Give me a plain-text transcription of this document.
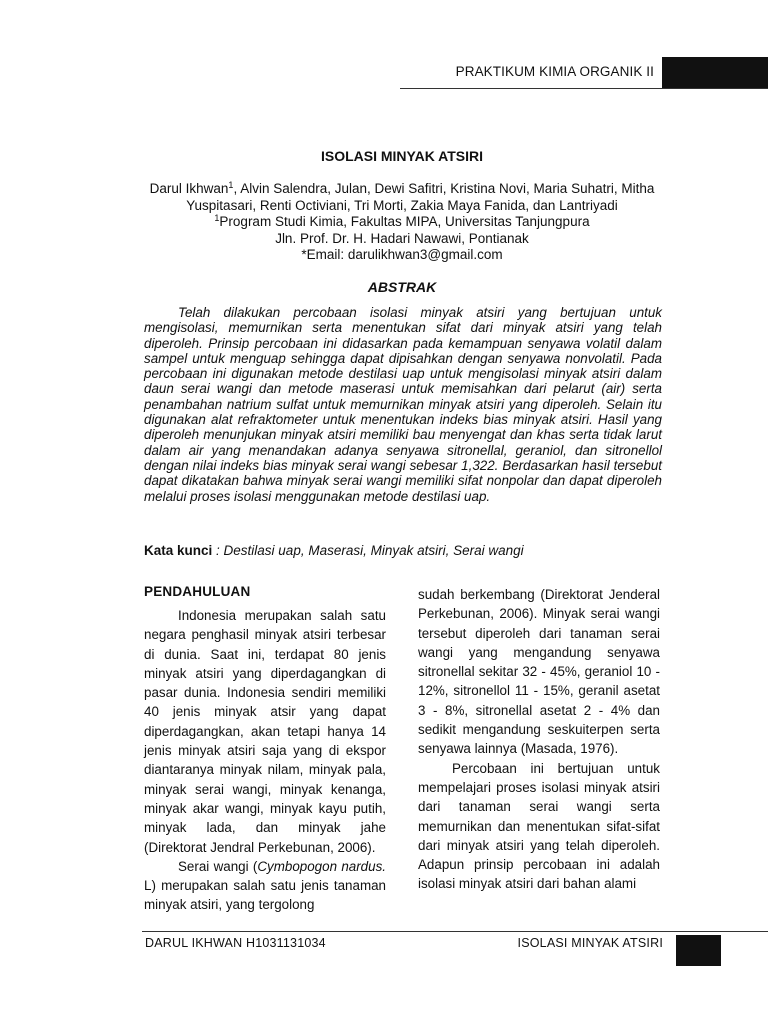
PRAKTIKUM KIMIA ORGANIK II
ISOLASI MINYAK ATSIRI
Darul Ikhwan$^1$, Alvin Salendra, Julan, Dewi Safitri, Kristina Novi, Maria Suhatri, Mitha
Yuspitasari, Renti Octiviani, Tri Morti, Zakia Maya Fanida, dan Lantriyadi
$^1$Program Studi Kimia, Fakultas MIPA, Universitas Tanjungpura
Jln. Prof. Dr. H. Hadari Nawawi, Pontianak
*Email: darulikhwan3@gmail.com
ABSTRAK
Telah dilakukan percobaan isolasi minyak atsiri yang bertujuan untuk mengisolasi, memurnikan serta menentukan sifat dari minyak atsiri yang telah diperoleh. Prinsip percobaan ini didasarkan pada kemampuan senyawa volatil dalam sampel untuk menguap sehingga dapat dipisahkan dengan senyawa nonvolatil. Pada percobaan ini digunakan metode destilasi uap untuk mengisolasi minyak atsiri dalam daun serai wangi dan metode maserasi untuk memisahkan dari pelarut (air) serta penambahan natrium sulfat untuk memurnikan minyak atsiri yang diperoleh. Selain itu digunakan alat refraktometer untuk menentukan indeks bias minyak atsiri. Hasil yang diperoleh menunjukan minyak atsiri memiliki bau menyengat dan khas serta tidak larut dalam air yang menandakan adanya senyawa sitronellal, geraniol, dan sitronellol dengan nilai indeks bias minyak serai wangi sebesar 1,322. Berdasarkan hasil tersebut dapat dikatakan bahwa minyak serai wangi memiliki sifat nonpolar dan dapat diperoleh melalui proses isolasi menggunakan metode destilasi uap.
Kata kunci : Destilasi uap, Maserasi, Minyak atsiri, Serai wangi
PENDAHULUAN

Indonesia merupakan salah satu negara penghasil minyak atsiri terbesar di dunia. Saat ini, terdapat 80 jenis minyak atsiri yang diperdagangkan di pasar dunia. Indonesia sendiri memiliki 40 jenis minyak atsir yang dapat diperdagangkan, akan tetapi hanya 14 jenis minyak atsiri saja yang di ekspor diantaranya minyak nilam, minyak pala, minyak serai wangi, minyak kenanga, minyak akar wangi, minyak kayu putih, minyak lada, dan minyak jahe (Direktorat Jendral Perkebunan, 2006).

Serai wangi (Cymbopogon nardus. L) merupakan salah satu jenis tanaman minyak atsiri, yang tergolong

sudah berkembang (Direktorat Jenderal Perkebunan, 2006). Minyak serai wangi tersebut diperoleh dari tanaman serai wangi yang mengandung senyawa sitronellal sekitar 32 - 45%, geraniol 10 - 12%, sitronellol 11 - 15%, geranil asetat 3 - 8%, sitronellal asetat 2 - 4% dan sedikit mengandung seskuiterpen serta senyawa lainnya (Masada, 1976).

Percobaan ini bertujuan untuk mempelajari proses isolasi minyak atsiri dari tanaman serai wangi serta memurnikan dan menentukan sifat-sifat dari minyak atsiri yang telah diperoleh. Adapun prinsip percobaan ini adalah isolasi minyak atsiri dari bahan alami

DARUL IKHWAN H1031131034	ISOLASI MINYAK ATSIRI
